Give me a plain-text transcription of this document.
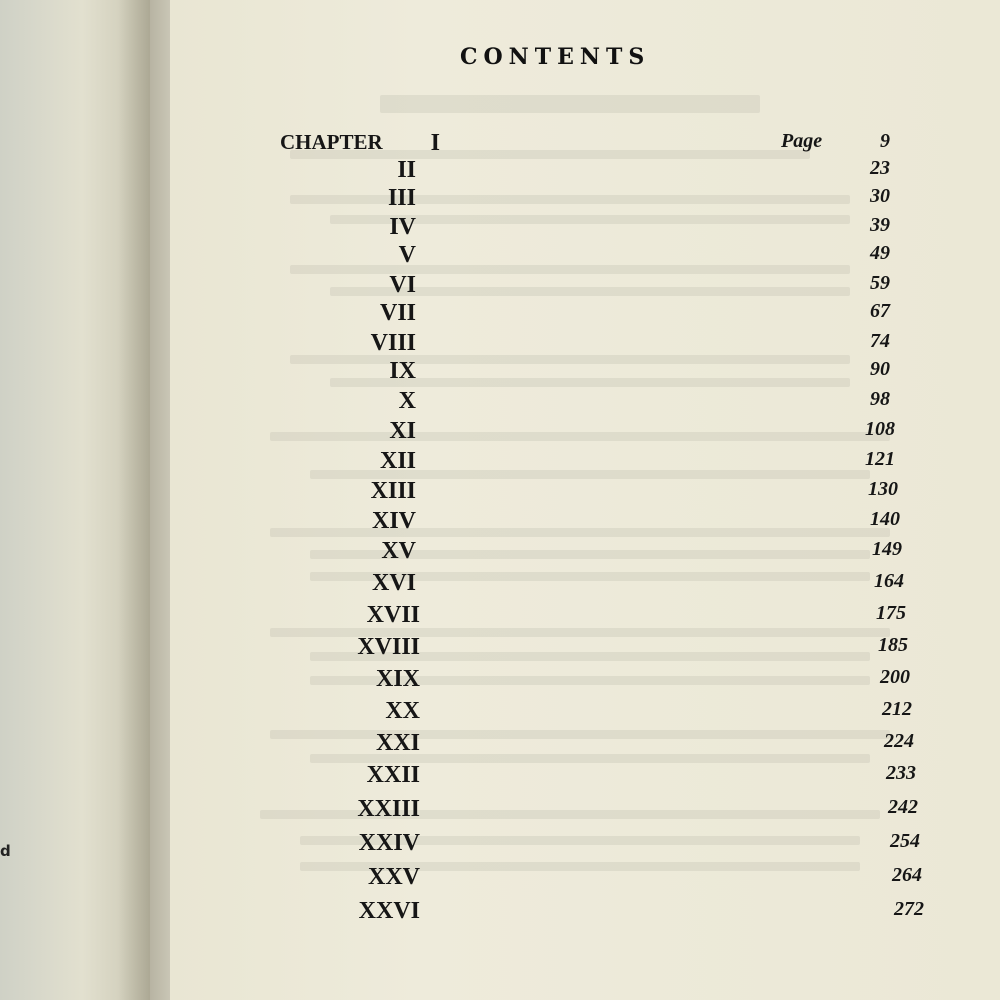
d
CONTENTS
CHAPTER	Page
I	9
II	23
III	30
IV	39
V	49
VI	59
VII	67
VIII	74
IX	90
X	98
XI	108
XII	121
XIII	130
XIV	140
XV	149
XVI	164
XVII	175
XVIII	185
XIX	200
XX	212
XXI	224
XXII	233
XXIII	242
XXIV	254
XXV	264
XXVI	272
